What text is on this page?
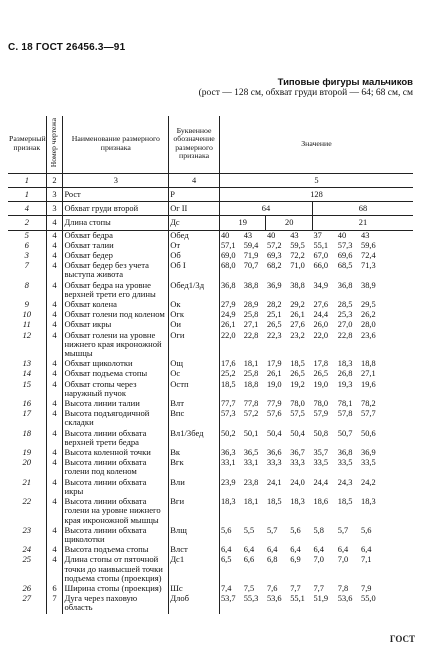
С. 18 ГОСТ 26456.3—91
Типовые фигуры мальчиков
(рост — 128 см, обхват груди второй — 64; 68 см, см
Размерный признак	Номер чертежа	Наименование размерного признака	Буквенное обозначение размерного признака	Значение							
1	2	3	4	5							
1	3	Рост	Р	128							
4	3	Обхват груди второй	Ог II	64				68			
2	4	Длина стопы	Дс	19		20		21			
5	4	Обхват бедра	Обед	40	43	40	43	37	40	43	
6	4	Обхват талии	От	57,1	59,4	57,2	59,5	55,1	57,3	59,6	
3	4	Обхват бедер	Об	69,0	71,9	69,3	72,2	67,0	69,6	72,4	
7	4	Обхват бедер без учета выступа живота	Об I	68,0	70,7	68,2	71,0	66,0	68,5	71,3	
8	4	Обхват бедра на уровне верхней трети его длины	Обед1/3д	36,8	38,8	36,9	38,8	34,9	36,8	38,9	
9	4	Обхват колена	Ок	27,9	28,9	28,2	29,2	27,6	28,5	29,5	
10	4	Обхват голени под коленом	Огк	24,9	25,8	25,1	26,1	24,4	25,3	26,2	
11	4	Обхват икры	Ои	26,1	27,1	26,5	27,6	26,0	27,0	28,0	
12	4	Обхват голени на уровне нижнего края икроножной мышцы	Оги	22,0	22,8	22,3	23,2	22,0	22,8	23,6	
13	4	Обхват щиколотки	Ощ	17,6	18,1	17,9	18,5	17,8	18,3	18,8	
14	4	Обхват подъема стопы	Ос	25,2	25,8	26,1	26,5	26,5	26,8	27,1	
15	4	Обхват стопы через наружный пучок	Остп	18,5	18,8	19,0	19,2	19,0	19,3	19,6	
16	4	Высота линии талии	Влт	77,7	77,8	77,9	78,0	78,0	78,1	78,2	
17	4	Высота подъягодичной складки	Впс	57,3	57,2	57,6	57,5	57,9	57,8	57,7	
18	4	Высота линии обхвата верхней трети бедра	Вл1/3бед	50,2	50,1	50,4	50,4	50,8	50,7	50,6	
19	4	Высота коленной точки	Вк	36,3	36,5	36,6	36,7	35,7	36,8	36,9	
20	4	Высота линии обхвата голени под коленом	Вгк	33,1	33,1	33,3	33,3	33,5	33,5	33,5	
21	4	Высота линии обхвата икры	Вли	23,9	23,8	24,1	24,0	24,4	24,3	24,2	
22	4	Высота линии обхвата голени на уровне нижнего края икроножной мышцы	Вги	18,3	18,1	18,5	18,3	18,6	18,5	18,3	
23	4	Высота линии обхвата щиколотки	Влщ	5,6	5,5	5,7	5,6	5,8	5,7	5,6	
24	4	Высота подъема стопы	Влст	6,4	6,4	6,4	6,4	6,4	6,4	6,4	
25	4	Длина стопы от пяточной точки до наивысшей точки подъема стопы (проекция)	Дс1	6,5	6,6	6,8	6,9	7,0	7,0	7,1	
26	6	Ширина стопы (проекция)	Шс	7,4	7,5	7,6	7,7	7,7	7,8	7,9	
27	7	Дуга через паховую область	Длоб	53,7	55,3	53,6	55,1	51,9	53,6	55,0	
ГОСТ
